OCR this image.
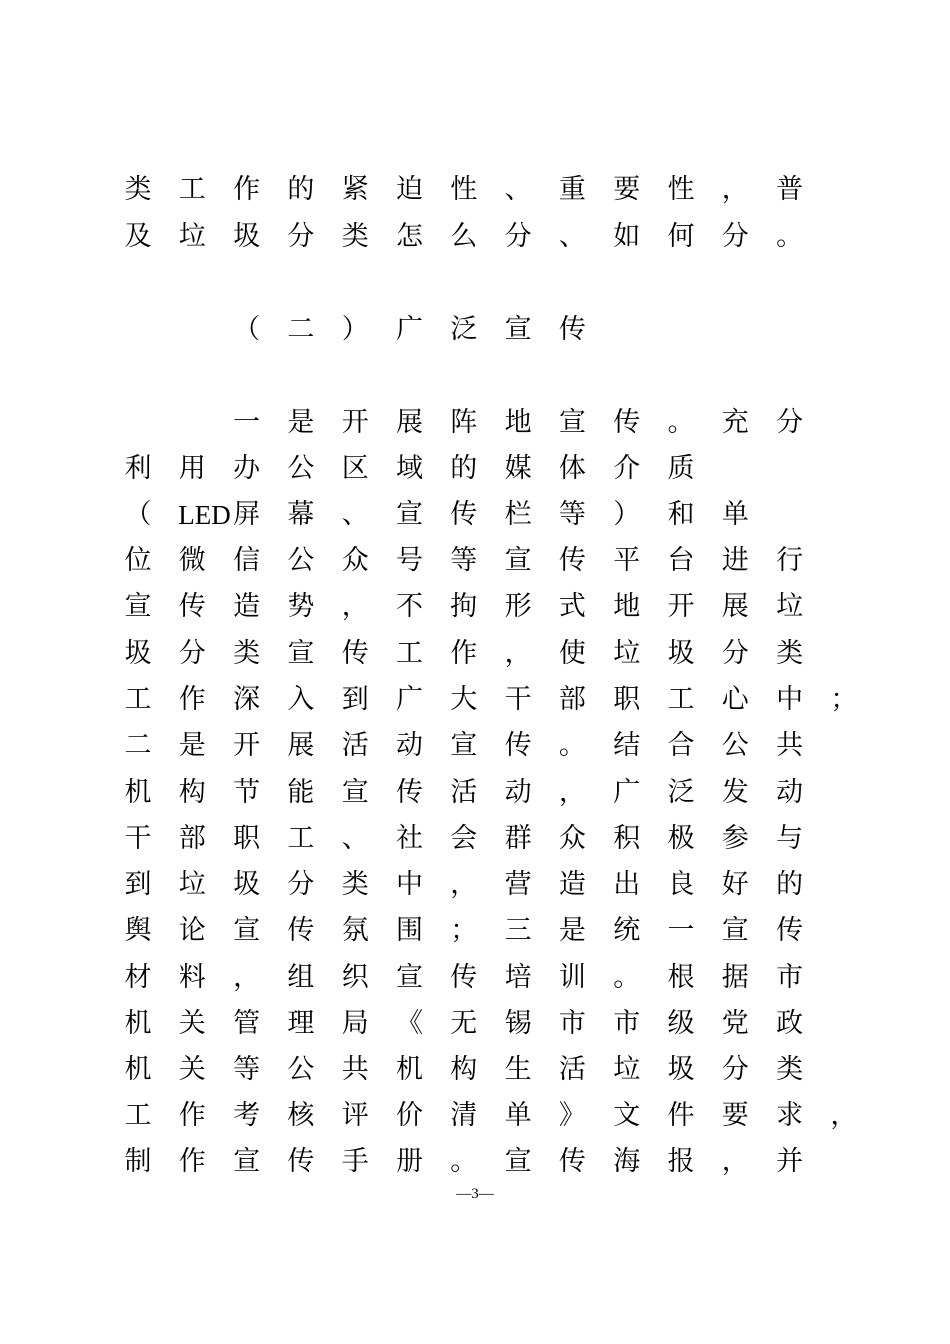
类 工 作 的 紧 迫 性 、 重 要 性 ， 普
及 垃 圾 分 类 怎 么 分 、 如 何 分 。
（ 二 ） 广 泛 宣 传
一 是 开 展 阵 地 宣 传 。 充 分
利 用 办 公 区 域 的 媒 体 介 质
（ LED 屏 幕 、 宣 传 栏 等 ） 和 单
位 微 信 公 众 号 等 宣 传 平 台 进 行
宣 传 造 势 ， 不 拘 形 式 地 开 展 垃
圾 分 类 宣 传 工 作 ， 使 垃 圾 分 类
工 作 深 入 到 广 大 干 部 职 工 心 中 ；
二 是 开 展 活 动 宣 传 。 结 合 公 共
机 构 节 能 宣 传 活 动 ， 广 泛 发 动
干 部 职 工 、 社 会 群 众 积 极 参 与
到 垃 圾 分 类 中 ， 营 造 出 良 好 的
舆 论 宣 传 氛 围 ； 三 是 统 一 宣 传
材 料 ， 组 织 宣 传 培 训 。 根 据 市
机 关 管 理 局 《 无 锡 市 市 级 党 政
机 关 等 公 共 机 构 生 活 垃 圾 分 类
工 作 考 核 评 价 清 单 》 文 件 要 求 ，
制 作 宣 传 手 册 。 宣 传 海 报 ， 并
—3—
